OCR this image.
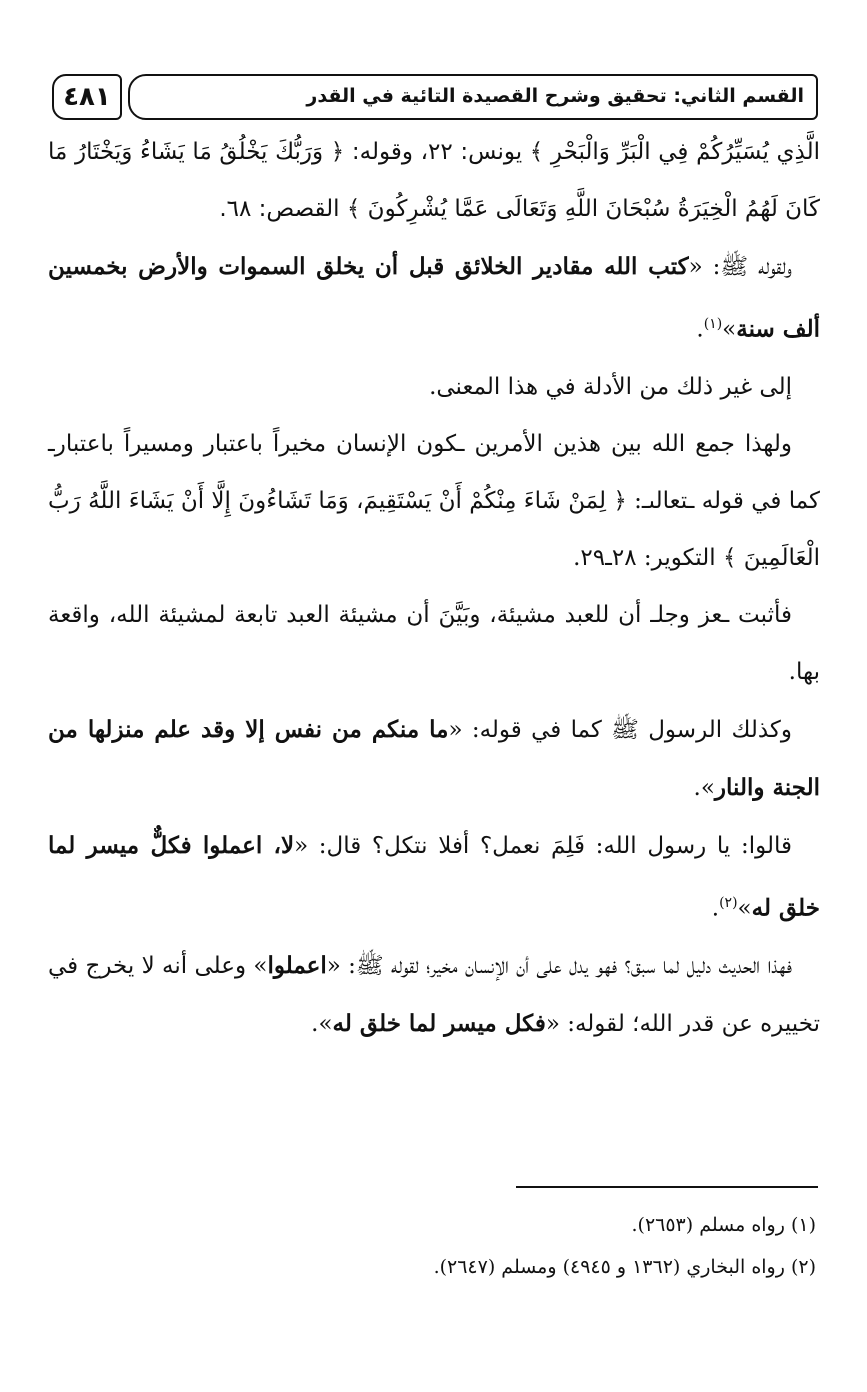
٤٨١	القسم الثاني: تحقيق وشرح القصيدة التائية في القدر

الَّذِي يُسَيِّرُكُمْ فِي الْبَرِّ وَالْبَحْرِ ﴾ يونس: ٢٢، وقوله: ﴿ وَرَبُّكَ يَخْلُقُ مَا يَشَاءُ وَيَخْتَارُ مَا كَانَ لَهُمُ الْخِيَرَةُ سُبْحَانَ اللَّهِ وَتَعَالَى عَمَّا يُشْرِكُونَ ﴾ القصص: ٦٨.

ولقوله ﷺ: «كتب الله مقادير الخلائق قبل أن يخلق السموات والأرض بخمسين ألف سنة»$^{(١)}$.

إلى غير ذلك من الأدلة في هذا المعنى.

ولهذا جمع الله بين هذين الأمرين ـكون الإنسان مخيراً باعتبار ومسيراً باعتبارـ كما في قوله ـتعالىـ: ﴿ لِمَنْ شَاءَ مِنْكُمْ أَنْ يَسْتَقِيمَ، وَمَا تَشَاءُونَ إِلَّا أَنْ يَشَاءَ اللَّهُ رَبُّ الْعَالَمِينَ ﴾ التكوير: ٢٨ـ٢٩.

فأثبت ـعز وجلـ أن للعبد مشيئة، وبَيَّنَ أن مشيئة العبد تابعة لمشيئة الله، واقعة بها.

وكذلك الرسول ﷺ كما في قوله: «ما منكم من نفس إلا وقد علم منزلها من الجنة والنار».

قالوا: يا رسول الله: فَلِمَ نعمل؟ أفلا نتكل؟ قال: «لا، اعملوا فكلٌّ ميسر لما خلق له»$^{(٢)}$.

فهذا الحديث دليل لما سبق؟ فهو يدل على أن الإنسان مخير؛ لقوله ﷺ: «اعملوا» وعلى أنه لا يخرج في تخييره عن قدر الله؛ لقوله: «فكل ميسر لما خلق له».

(١) رواه مسلم (٢٦٥٣).

(٢) رواه البخاري (١٣٦٢ و ٤٩٤٥) ومسلم (٢٦٤٧).
